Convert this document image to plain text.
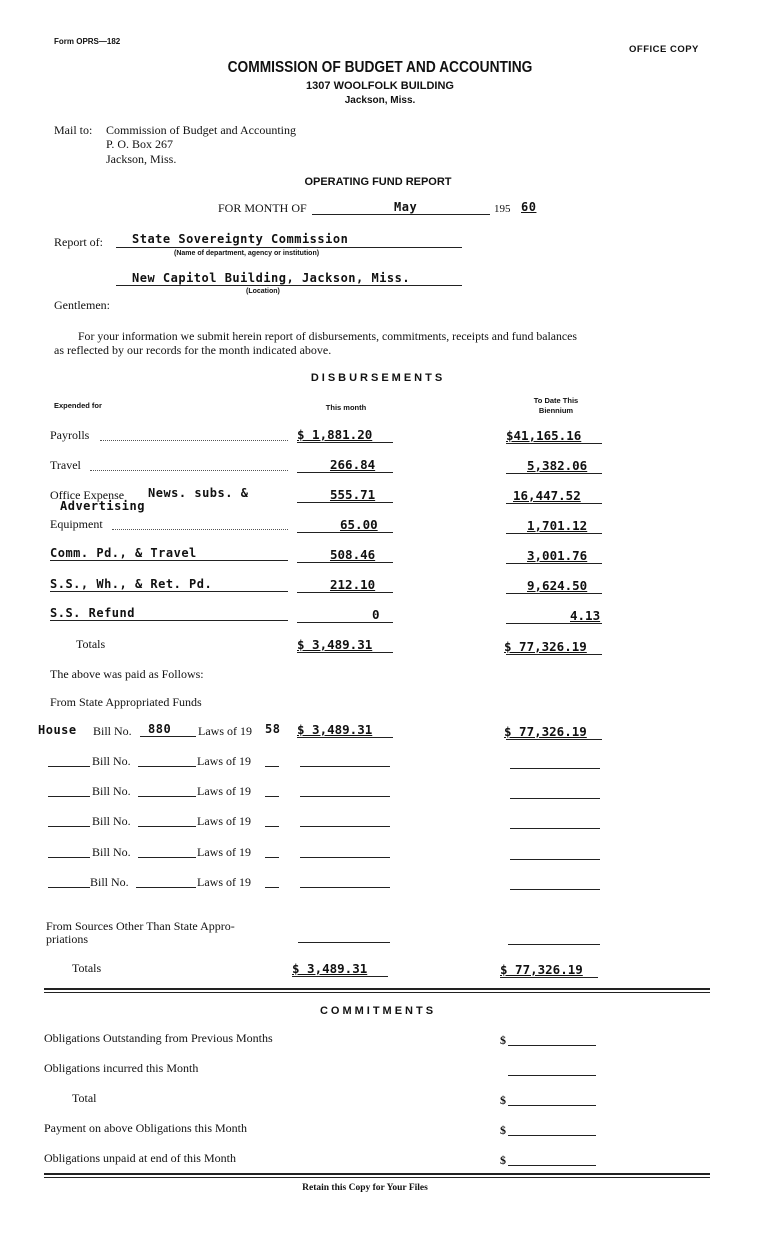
Form OPRS—182
OFFICE COPY
COMMISSION OF BUDGET AND ACCOUNTING
1307 WOOLFOLK BUILDING
Jackson, Miss.
Mail to: Commission of Budget and Accounting
P. O. Box 267
Jackson, Miss.
OPERATING FUND REPORT
FOR MONTH OF	May	195 60
Report of: State Sovereignty Commission
(Name of department, agency or institution)
New Capitol Building, Jackson, Miss.
(Location)
Gentlemen:
For your information we submit herein report of disbursements, commitments, receipts and fund balances
as reflected by our records for the month indicated above.
DISBURSEMENTS
Expended for	This month
To Date This
Biennium
Payrolls	$ 1,881.20	$41,165.16
Travel	266.84	5,382.06
Office Expense News. subs. &
Advertising
555.71	16,447.52
Equipment	65.00	1,701.12
Comm. Pd., & Travel	508.46	3,001.76
S.S., Wh., & Ret. Pd.	212.10	9,624.50
S.S. Refund	0	4.13
Totals	$ 3,489.31	$ 77,326.19
The above was paid as Follows:
From State Appropriated Funds
House Bill No. 880 Laws of 19 58 $ 3,489.31	$ 77,326.19
Bill No.	Laws of 19
Bill No.	Laws of 19
Bill No.	Laws of 19
Bill No.	Laws of 19
Bill No.	Laws of 19
From Sources Other Than State Appro-
priations
Totals	$ 3,489.31	$ 77,326.19
COMMITMENTS
Obligations Outstanding from Previous Months	$
Obligations incurred this Month
Total	$
Payment on above Obligations this Month	$
Obligations unpaid at end of this Month	$
Retain this Copy for Your Files
